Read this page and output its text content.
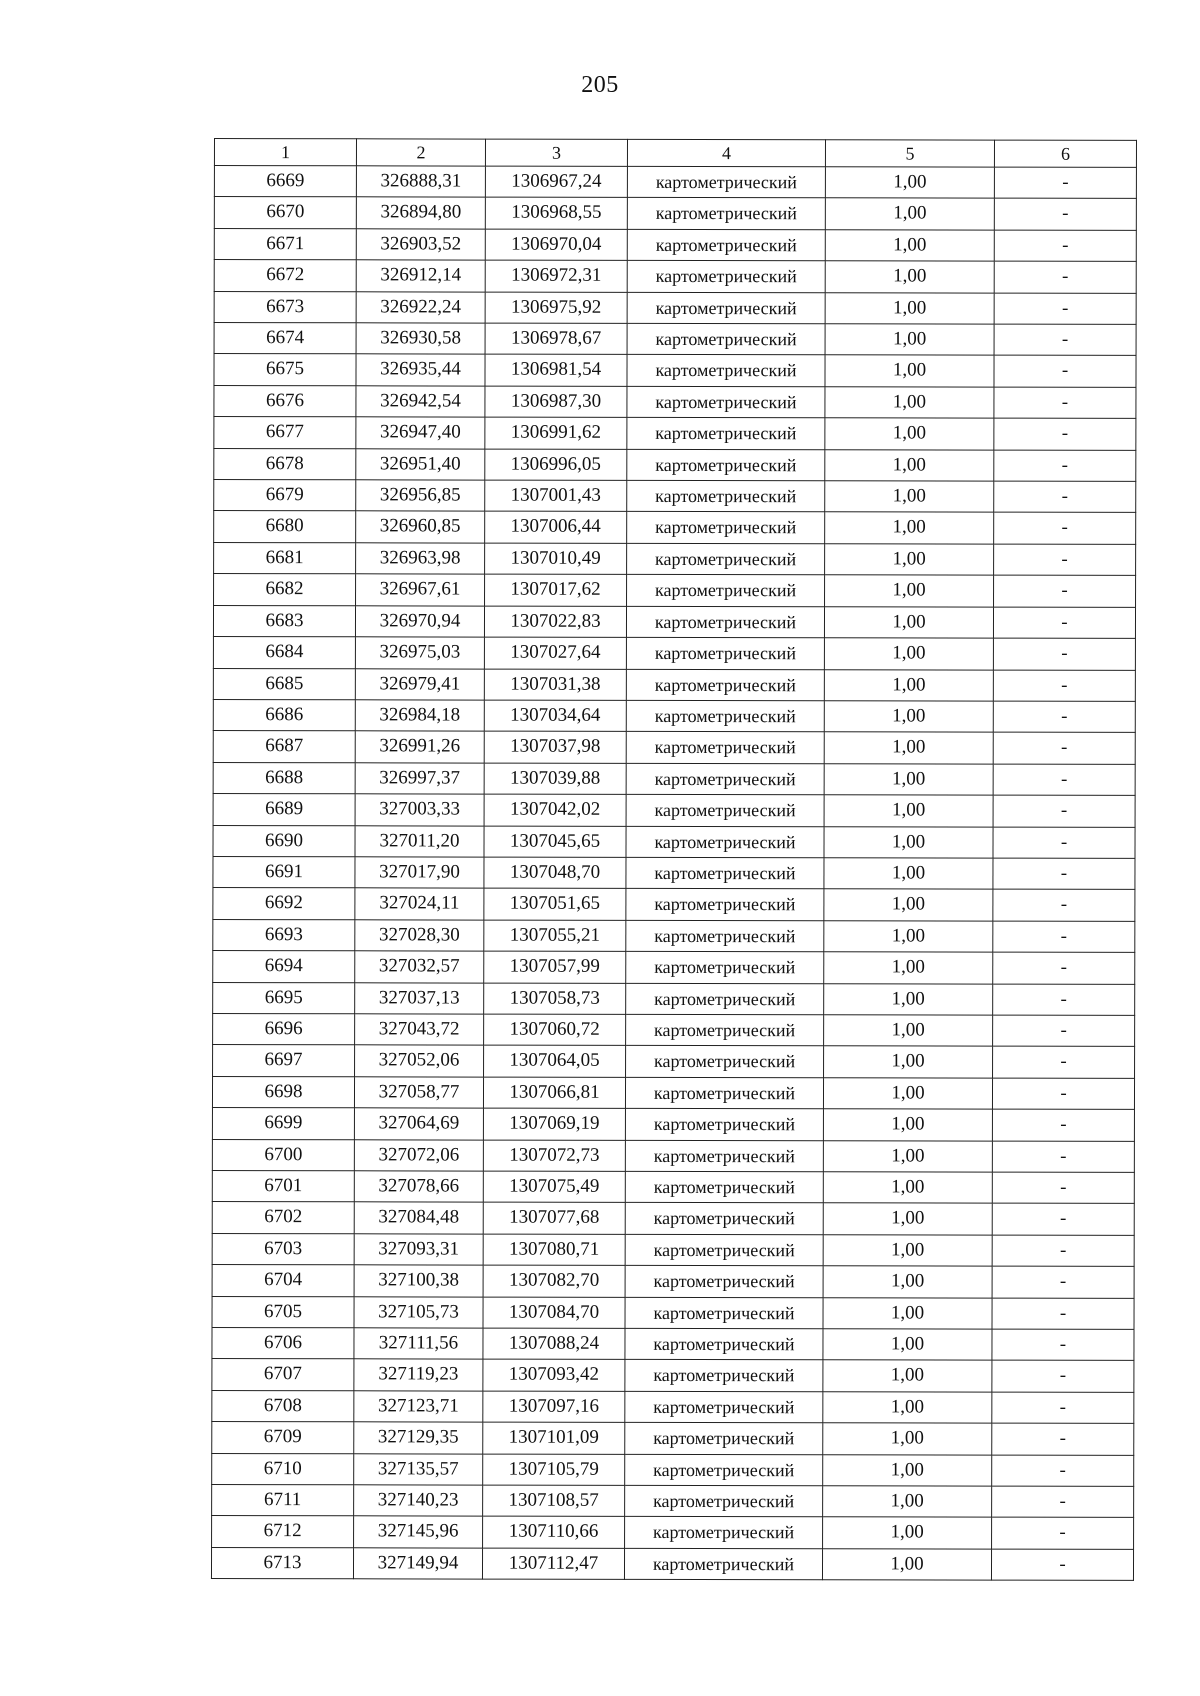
205
1	2	3	4	5	6
6669	326888,31	1306967,24	картометрический	1,00	-
6670	326894,80	1306968,55	картометрический	1,00	-
6671	326903,52	1306970,04	картометрический	1,00	-
6672	326912,14	1306972,31	картометрический	1,00	-
6673	326922,24	1306975,92	картометрический	1,00	-
6674	326930,58	1306978,67	картометрический	1,00	-
6675	326935,44	1306981,54	картометрический	1,00	-
6676	326942,54	1306987,30	картометрический	1,00	-
6677	326947,40	1306991,62	картометрический	1,00	-
6678	326951,40	1306996,05	картометрический	1,00	-
6679	326956,85	1307001,43	картометрический	1,00	-
6680	326960,85	1307006,44	картометрический	1,00	-
6681	326963,98	1307010,49	картометрический	1,00	-
6682	326967,61	1307017,62	картометрический	1,00	-
6683	326970,94	1307022,83	картометрический	1,00	-
6684	326975,03	1307027,64	картометрический	1,00	-
6685	326979,41	1307031,38	картометрический	1,00	-
6686	326984,18	1307034,64	картометрический	1,00	-
6687	326991,26	1307037,98	картометрический	1,00	-
6688	326997,37	1307039,88	картометрический	1,00	-
6689	327003,33	1307042,02	картометрический	1,00	-
6690	327011,20	1307045,65	картометрический	1,00	-
6691	327017,90	1307048,70	картометрический	1,00	-
6692	327024,11	1307051,65	картометрический	1,00	-
6693	327028,30	1307055,21	картометрический	1,00	-
6694	327032,57	1307057,99	картометрический	1,00	-
6695	327037,13	1307058,73	картометрический	1,00	-
6696	327043,72	1307060,72	картометрический	1,00	-
6697	327052,06	1307064,05	картометрический	1,00	-
6698	327058,77	1307066,81	картометрический	1,00	-
6699	327064,69	1307069,19	картометрический	1,00	-
6700	327072,06	1307072,73	картометрический	1,00	-
6701	327078,66	1307075,49	картометрический	1,00	-
6702	327084,48	1307077,68	картометрический	1,00	-
6703	327093,31	1307080,71	картометрический	1,00	-
6704	327100,38	1307082,70	картометрический	1,00	-
6705	327105,73	1307084,70	картометрический	1,00	-
6706	327111,56	1307088,24	картометрический	1,00	-
6707	327119,23	1307093,42	картометрический	1,00	-
6708	327123,71	1307097,16	картометрический	1,00	-
6709	327129,35	1307101,09	картометрический	1,00	-
6710	327135,57	1307105,79	картометрический	1,00	-
6711	327140,23	1307108,57	картометрический	1,00	-
6712	327145,96	1307110,66	картометрический	1,00	-
6713	327149,94	1307112,47	картометрический	1,00	-
